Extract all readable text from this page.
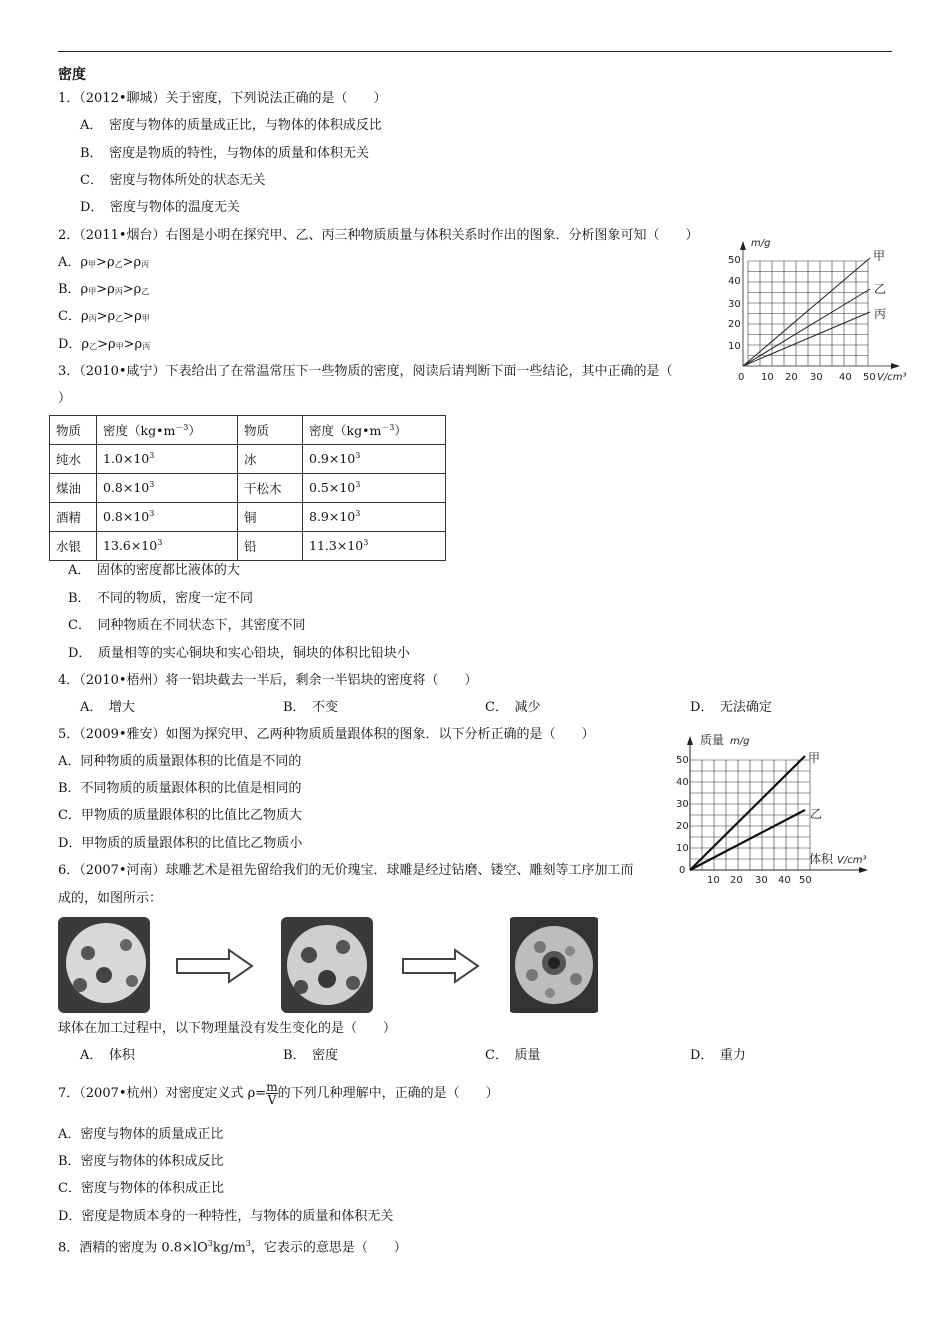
密度
1．（2012•聊城）关于密度，下列说法正确的是（　　）
A．　密度与物体的质量成正比，与物体的体积成反比
B．　密度是物质的特性，与物体的质量和体积无关
C．　密度与物体所处的状态无关
D．　密度与物体的温度无关
2．（2011•烟台）右图是小明在探究甲、乙、丙三种物质质量与体积关系时作出的图象．分析图象可知（　　）
A．$\rho_甲>\rho_乙>\rho_丙$
B．$\rho_甲>\rho_丙>\rho_乙$
C．$\rho_丙>\rho_乙>\rho_甲$
D．$\rho_乙>\rho_甲>\rho_丙$
m/g
50
40
30
20
10
0 10 20 30 40 50 V/cm³
甲
乙
丙
3．（2010•咸宁）下表给出了在常温常压下一些物质的密度，阅读后请判断下面一些结论，其中正确的是（
）
物质	密度$(kg•m^{-3})$	物质	密度$(kg•m^{-3})$
纯水	$1.0\times 10^3$	冰	$0.9\times 10^3$
煤油	$0.8\times 10^3$	干松木	$0.5\times 10^3$
酒精	$0.8\times 10^3$	铜	$8.9\times 10^3$
水银	$13.6\times 10^3$	铅	$11.3\times 10^3$
A．　固体的密度都比液体的大
B．　不同的物质，密度一定不同
C．　同种物质在不同状态下，其密度不同
D．　质量相等的实心铜块和实心铅块，铜块的体积比铅块小
4．（2010•梧州）将一铝块截去一半后，剩余一半铝块的密度将（　　）
A．　增大	B．　不变	C．　减少	D．　无法确定
5．（2009•雅安）如图为探究甲、乙两种物质质量跟体积的图象．以下分析正确的是（　　）
A．同种物质的质量跟体积的比值是不同的
B．不同物质的质量跟体积的比值是相同的
C．甲物质的质量跟体积的比值比乙物质大
D．甲物质的质量跟体积的比值比乙物质小
质量 m/g
50
40
30
20
10
0
10 20 30 40 50
体积 V/cm³
甲
乙
6．（2007•河南）球雕艺术是祖先留给我们的无价瑰宝．球雕是经过钻磨、镂空、雕刻等工序加工而
成的，如图所示：
球体在加工过程中，以下物理量没有发生变化的是（　　）
A．　体积	B．　密度	C．　质量	D．　重力
7．（2007•杭州）对密度定义式 $\rho= \frac{m}{V}$ 的下列几种理解中，正确的是（　　）
A．密度与物体的质量成正比
B．密度与物体的体积成反比
C．密度与物体的体积成正比
D．密度是物质本身的一种特性，与物体的质量和体积无关
8．酒精的密度为 $0.8\times lO^3kg/m^3$，它表示的意思是（　　）
